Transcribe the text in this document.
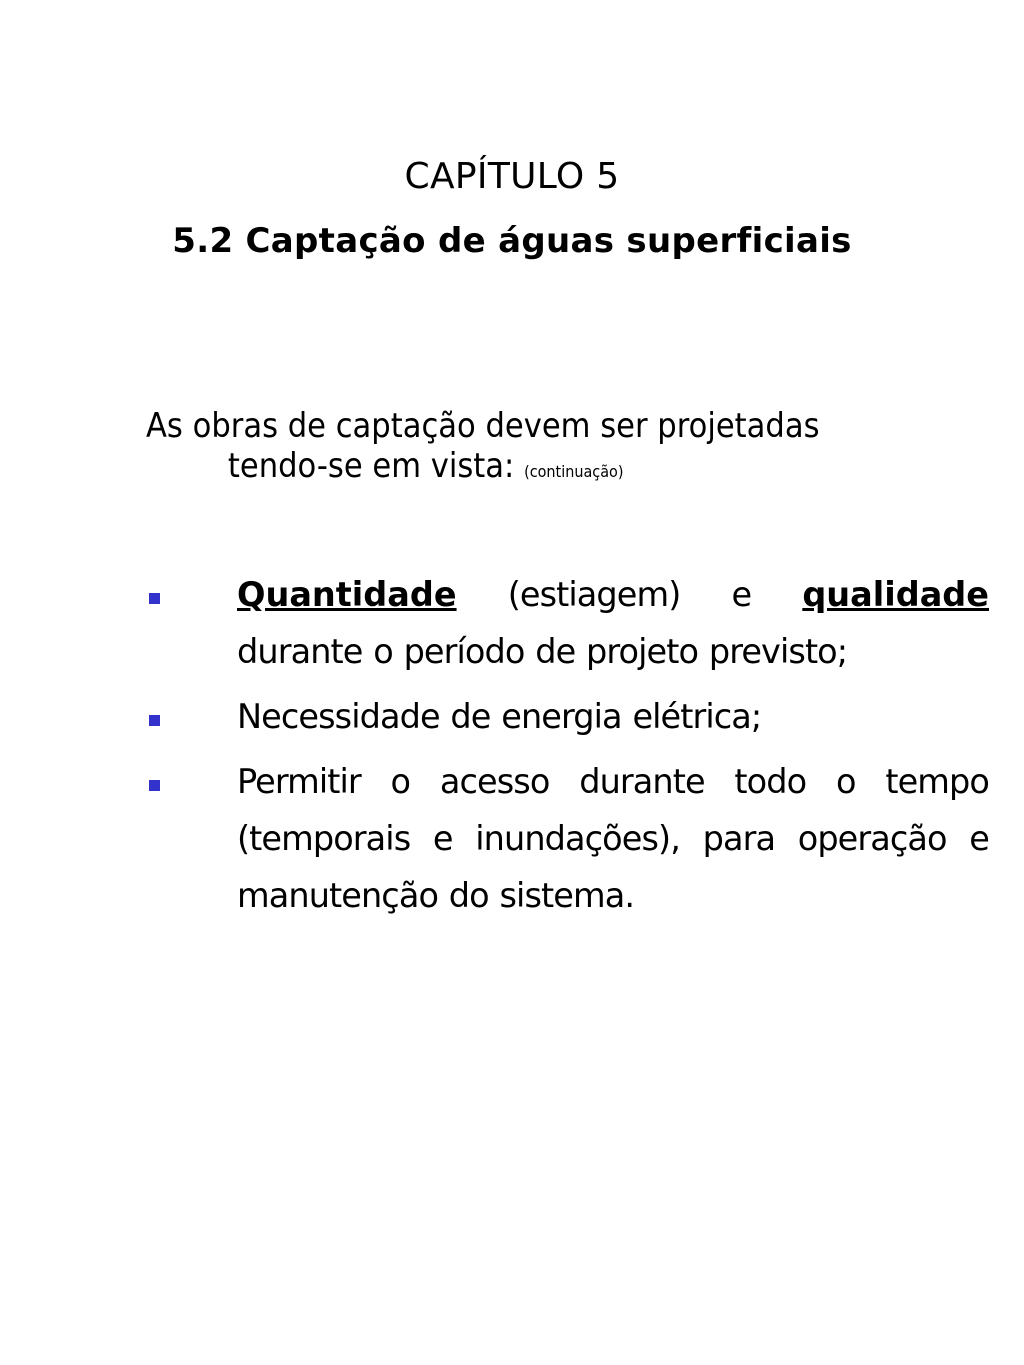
CAPÍTULO 5
5.2 Captação de águas superficiais
As obras de captação devem ser projetadas
tendo-se em vista: (continuação)
Quantidade (estiagem) e qualidade durante o período de projeto previsto;
Necessidade de energia elétrica;
Permitir o acesso durante todo o tempo (temporais e inundações), para operação e manutenção do sistema.
